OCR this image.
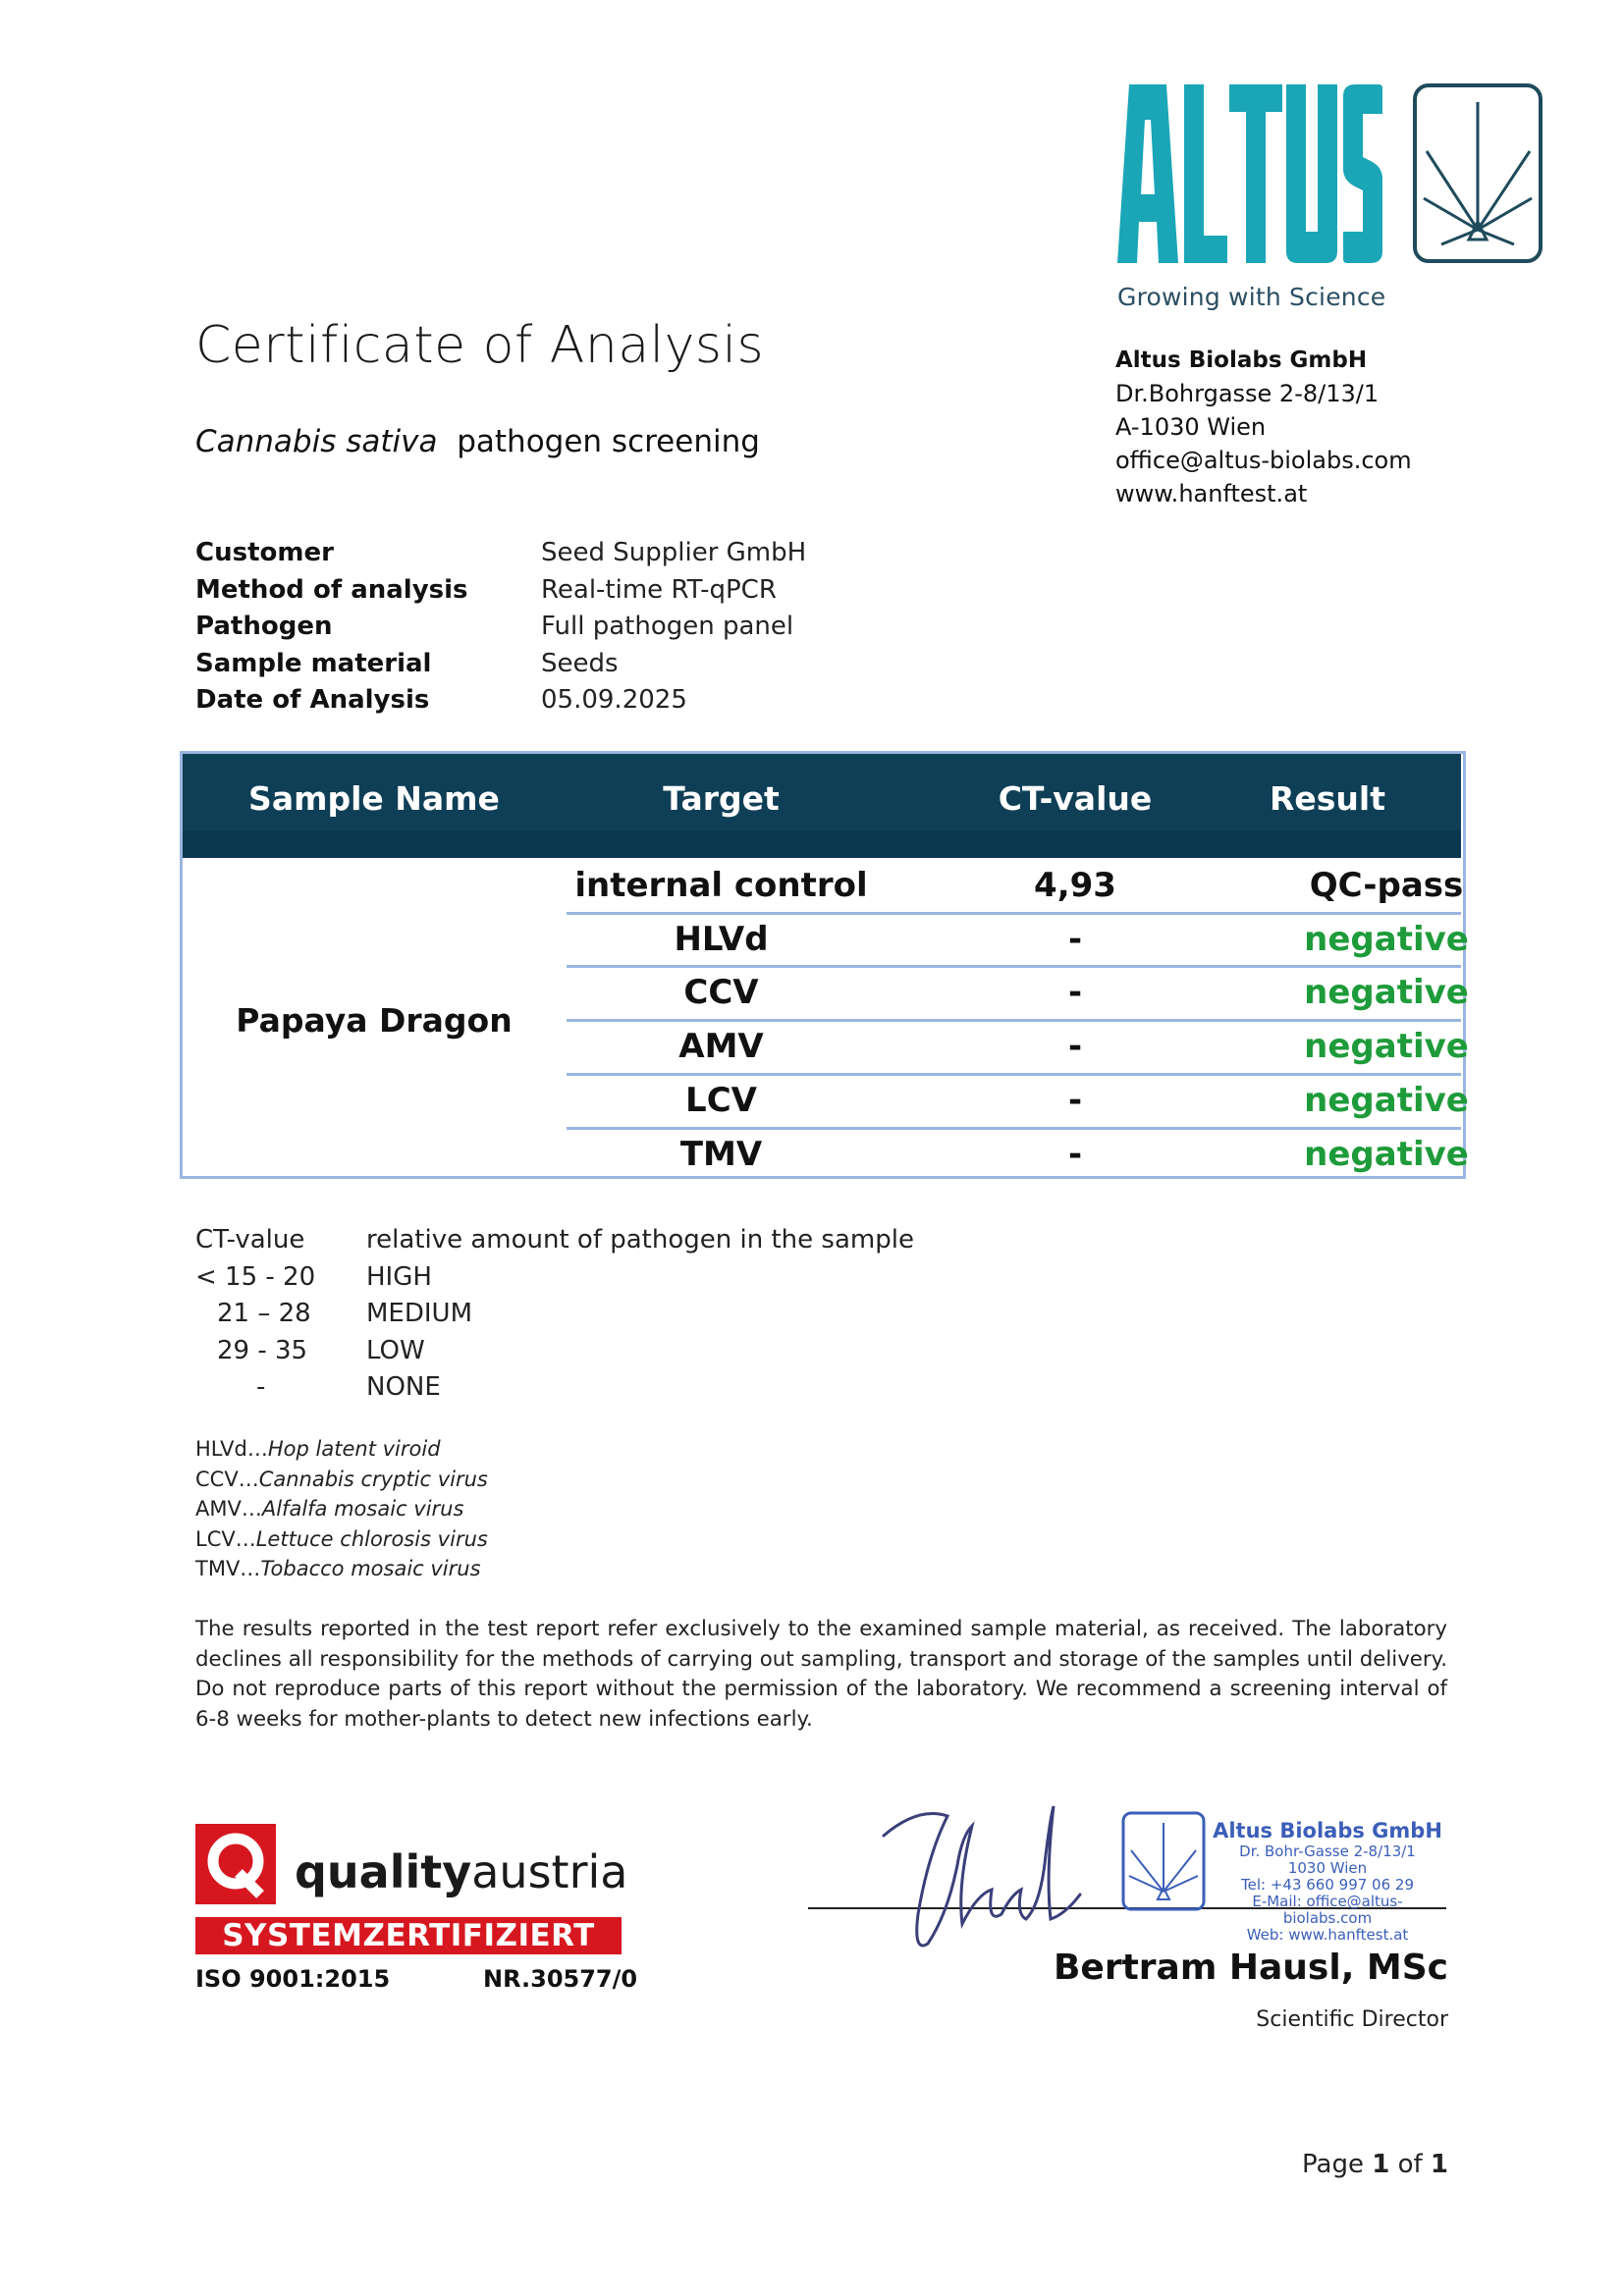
Growing with Science
Certificate of Analysis
Cannabis sativa pathogen screening
Altus Biolabs GmbH
Dr.Bohrgasse 2-8/13/1
A-1030 Wien
office@altus-biolabs.com
www.hanftest.at
Customer	Seed Supplier GmbH
Method of analysis	Real-time RT-qPCR
Pathogen	Full pathogen panel
Sample material	Seeds
Date of Analysis	05.09.2025
Sample Name	Target	CT-value	Result
Papaya Dragon
internal control	4,93	QC-pass
HLVd	-	negative
CCV	-	negative
AMV	-	negative
LCV	-	negative
TMV	-	negative
CT-value	relative amount of pathogen in the sample
< 15 - 20	HIGH
21 – 28	MEDIUM
29 - 35	LOW
-	NONE
HLVd…Hop latent viroid
CCV…Cannabis cryptic virus
AMV…Alfalfa mosaic virus
LCV…Lettuce chlorosis virus
TMV…Tobacco mosaic virus
The results reported in the test report refer exclusively to the examined sample material, as received. The laboratory declines all responsibility for the methods of carrying out sampling, transport and storage of the samples until delivery. Do not reproduce parts of this report without the permission of the laboratory. We recommend a screening interval of 6-8 weeks for mother-plants to detect new infections early.
qualityaustria
SYSTEMZERTIFIZIERT
ISO 9001:2015	NR.30577/0
Altus Biolabs GmbH
Dr. Bohr-Gasse 2-8/13/1
1030 Wien
Tel: +43 660 997 06 29
E-Mail: office@altus-biolabs.com
Web: www.hanftest.at
Bertram Hausl, MSc
Scientific Director
Page 1 of 1
